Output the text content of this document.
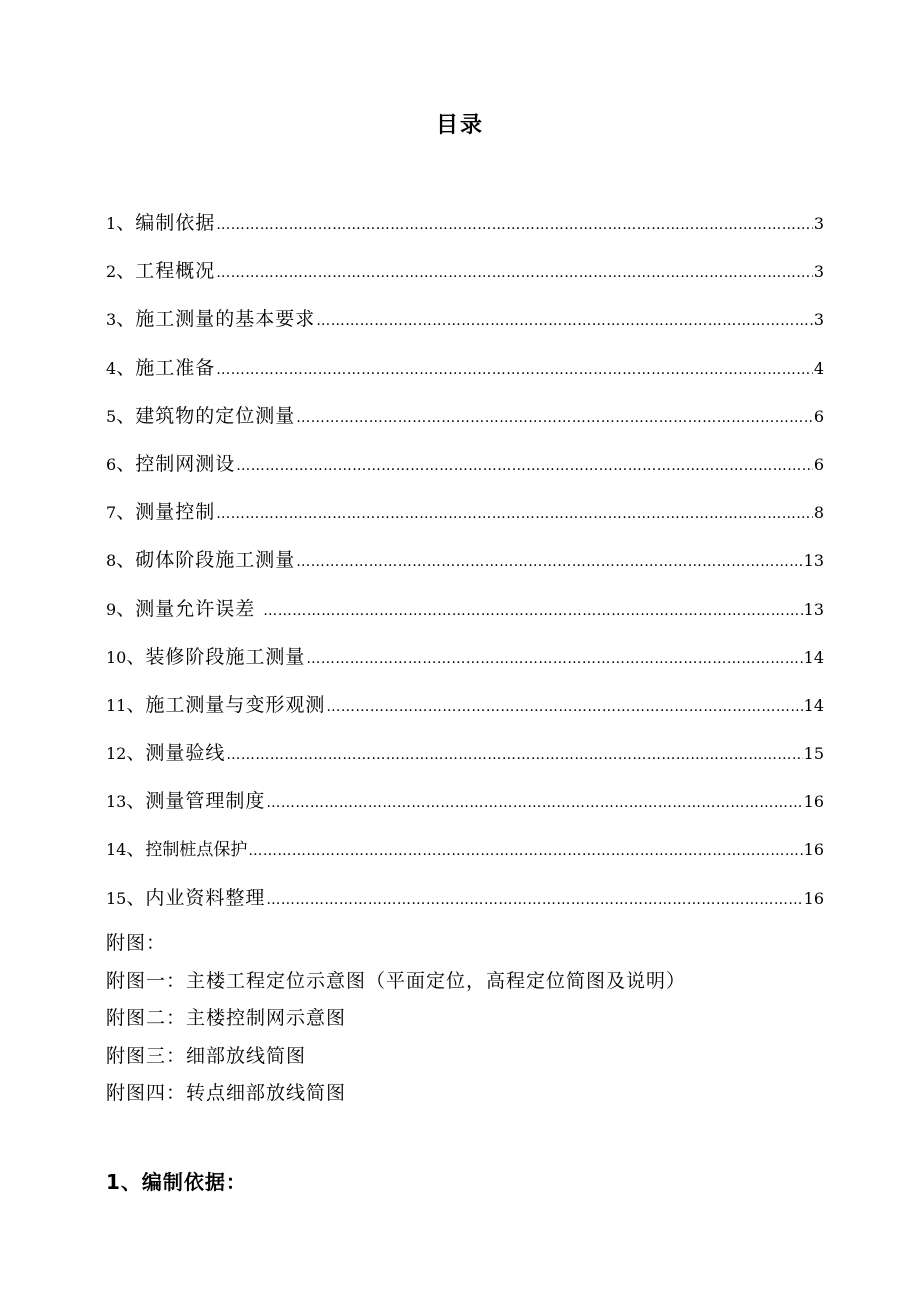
目录
1 、 编制依据 ……………………………………………………………………………………………………………………………………………………………………………………	3
2 、 工程概况 ……………………………………………………………………………………………………………………………………………………………………………………	3
3 、 施工测量的基本要求 ……………………………………………………………………………………………………………………………………………………………………………………	3
4 、 施工准备 ……………………………………………………………………………………………………………………………………………………………………………………	4
5 、 建筑物的定位测量 ……………………………………………………………………………………………………………………………………………………………………………………	6
6 、 控制网测设 ……………………………………………………………………………………………………………………………………………………………………………………	6
7 、 测量控制 ……………………………………………………………………………………………………………………………………………………………………………………	8
8 、 砌体阶段施工测量 ……………………………………………………………………………………………………………………………………………………………………………………	13
9 、 测量允许误差 ……………………………………………………………………………………………………………………………………………………………………………………	13
10 、 装修阶段施工测量 ……………………………………………………………………………………………………………………………………………………………………………………	14
11 、 施工测量与变形观测 ……………………………………………………………………………………………………………………………………………………………………………………	14
12 、 测量验线 ……………………………………………………………………………………………………………………………………………………………………………………	15
13 、 测量管理制度 ……………………………………………………………………………………………………………………………………………………………………………………	16
14 、 控制桩点保护 ……………………………………………………………………………………………………………………………………………………………………………………	16
15 、 内业资料整理 ……………………………………………………………………………………………………………………………………………………………………………………	16
附图：
附图一：主楼工程定位示意图（平面定位，高程定位简图及说明）
附图二：主楼控制网示意图
附图三：细部放线简图
附图四：转点细部放线简图
1、编制依据：
